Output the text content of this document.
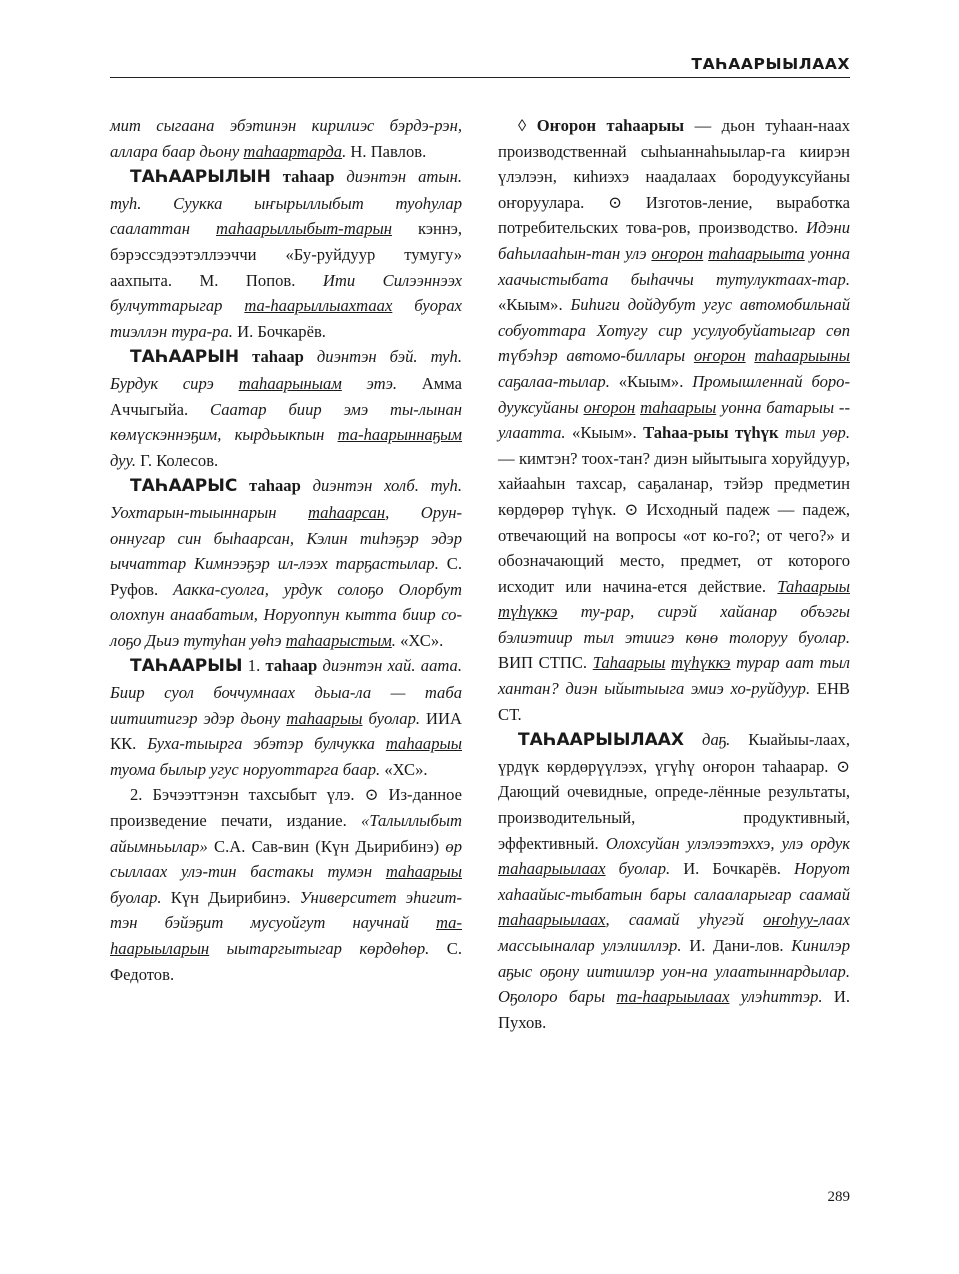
ТАҺААРЫЫЛААХ

мит сыгаана эбэтинэн кирилиэс бэрдэ-рэн, аллара баар дьону таһаартарда. Н. Павлов.

ТАҺААРЫЛЫН таһаар диэнтэн атын. туһ. Суукка ыҥырыллыбыт туоһулар саалаттан таһаарыллыбыт-тарын кэннэ, бэрэссэдээтэллээччи «Бу-руйдуур тумугу» аахпыта. М. Попов. Ити Силээннээх булчуттарыгар та-һаарыллыахтаах буорах тиэллэн тура-ра. И. Бочкарёв.

ТАҺААРЫН таһаар диэнтэн бэй. туһ. Бурдук сирэ таһаарыныам этэ. Амма Аччыгыйа. Саатар биир эмэ ты-лынан көмүскэннэҕим, кырдьыкпын та-һаарыннаҕым дуу. Г. Колесов.

ТАҺААРЫС таһаар диэнтэн холб. туһ. Уохтарын-тыыннарын таһаарсан, Орун-оннугар син быһаарсан, Кэлин тиһэҕэр эдэр ыччаттар Кимнээҕэр ил-лээх тарҕастылар. С. Руфов. Аакка-суолга, урдук солоҕо Олорбут олохпун анаабатым, Норуоппун кытта биир со-лоҕо Дьиэ тутуһан уөһэ таһаарыстым. «ХС».

ТАҺААРЫЫ 1. таһаар диэнтэн хай. аата. Биир суол боччумнаах дьыа-ла — таба иитиитигэр эдэр дьону таһаарыы буолар. ИИА КК. Буха-тыырга эбэтэр булчукка таһаарыы туома былыр угус норуоттарга баар. «ХС».

2. Бэчээттэнэн тахсыбыт үлэ. ⊙ Из-данное произведение печати, издание. «Талыллыбыт айымньылар» С.А. Сав-вин (Күн Дьирибинэ) өр сыллаах улэ-тин бастакы тумэн таһаарыы буолар. Күн Дьирибинэ. Университет эһигит-тэн бэйэҕит мусуойгут научнай та-һаарыыларын ыытаргытыгар көрдөһөр. С. Федотов.

◊ Оҥорон таһаарыы — дьон туһаан-наах производственнай сыһыаннаһыылар-га киирэн үлэлээн, киһиэхэ наадалаах бородууксуйаны оҥоруулара. ⊙ Изготов-ление, выработка потребительских това-ров, производство. Идэни баһылааһын-тан улэ оҥорон таһаарыыта уонна хаачыстыбата быһаччы тутулуктаах-тар. «Кыым». Биһиги дойдубут угус автомобильнай собуоттара Хотугу сир усулуобуйатыгар сөп түбэһэр автомо-биллары оҥорон таһаарыыны саҕалаа-тылар. «Кыым». Промышленнай боро-дууксуйаны оҥорон таһаарыы уонна батарыы -- улаатта. «Кыым». Таһаа-рыы түһүк тыл уөр. — кимтэн? тоох-тан? диэн ыйытыыга хоруйдуур, хайааһын тахсар, саҕаланар, тэйэр предметин көрдөрөр түһүк. ⊙ Исходный падеж — падеж, отвечающий на вопросы «от ко-го?; от чего?» и обозначающий место, предмет, от которого исходит или начина-ется действие. Таһаарыы түһүккэ ту-рар, сирэй хайанар объэгы бэлиэтиир тыл этиигэ көнө толоруу буолар. ВИП СТПС. Таһаарыы түһүккэ турар аат тыл хантан? диэн ыйытыыга эмиэ хо-руйдуур. ЕНВ СТ.

ТАҺААРЫЫЛААХ даҕ. Кыайыы-лаах, үрдүк көрдөрүүлээх, үгүһү оҥорон таһаарар. ⊙ Дающий очевидные, опреде-лённые результаты, производительный, продуктивный, эффективный. Олохсуйан улэлээтэххэ, улэ ордук таһаарыылаах буолар. И. Бочкарёв. Норуот хаһаайыс-тыбатын бары салааларыгар саамай таһаарыылаах, саамай уһугэй оҥоһуу-лаах массыыналар улэлииллэр. И. Дани-лов. Кинилэр аҕыс оҕону иитиилэр уон-на улаатыннардылар. Оҕолоро бары та-һаарыылаах улэһиттэр. И. Пухов.

289
